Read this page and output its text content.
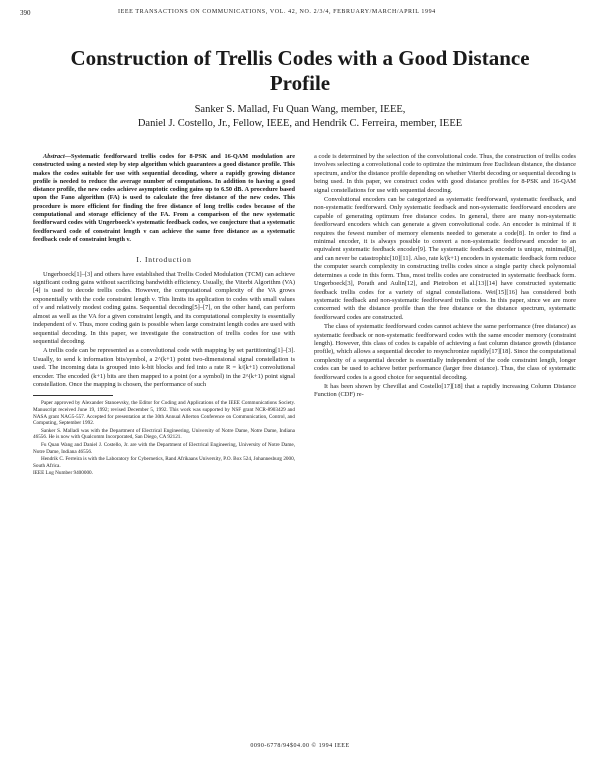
390	IEEE TRANSACTIONS ON COMMUNICATIONS, VOL. 42, NO. 2/3/4, FEBRUARY/MARCH/APRIL 1994
Construction of Trellis Codes with a Good Distance Profile
Sanker S. Mallad, Fu Quan Wang, member, IEEE,
Daniel J. Costello, Jr., Fellow, IEEE, and Hendrik C. Ferreira, member, IEEE

Abstract—Systematic feedforward trellis codes for 8-PSK and 16-QAM modulation are constructed using a nested step by step algorithm which guarantees a good distance profile. This makes the codes suitable for use with sequential decoding, where a rapidly growing distance profile is needed to reduce the average number of computations. In addition to having a good distance profile, the new codes achieve asymptotic coding gains up to 6.50 dB. A procedure based upon the Fano algorithm (FA) is used to calculate the free distance of the new codes. This procedure is more efficient for finding the free distance of long trellis codes because of the computational and storage efficiency of the FA. From a comparison of the new systematic feedforward codes with Ungerboeck's systematic feedback codes, we conjecture that a systematic feedforward code of constraint length ν can achieve the same free distance as a systematic feedback code of constraint length ν.

I. Introduction

Ungerboeck[1]–[3] and others have established that Trellis Coded Modulation (TCM) can achieve significant coding gains without sacrificing bandwidth efficiency. Usually, the Viterbi Algorithm (VA)[4] is used to decode trellis codes. However, the computational complexity of the VA grows exponentially with the code constraint length ν. This limits its application to codes with small values of ν and relatively modest coding gains. Sequential decoding[5]–[7], on the other hand, can perform almost as well as the VA for a given constraint length, and its computational complexity is essentially independent of ν. Thus, more coding gain is possible when large constraint length codes are used with sequential decoding. In this paper, we investigate the construction of trellis codes for use with sequential decoding.

A trellis code can be represented as a convolutional code with mapping by set partitioning[1]–[3]. Usually, to send k information bits/symbol, a 2^(k+1) point two-dimensional signal constellation is used. The incoming data is grouped into k-bit blocks and fed into a rate R = k/(k+1) convolutional encoder. The encoded (k+1) bits are then mapped to a point (or a symbol) in the 2^(k+1) point signal constellation. Once the mapping is chosen, the performance of such

Paper approved by Alexander Stanoevsky, the Editor for Coding and Applications of the IEEE Communications Society. Manuscript received June 19, 1992; revised December 5, 1992. This work was supported by NSF grant NCR-8903429 and NASA grant NAG5-557. Accepted for presentation at the 30th Annual Allerton Conference on Communication, Control, and Computing, September 1992.

Sanker S. Malladi was with the Department of Electrical Engineering, University of Notre Dame, Notre Dame, Indiana 46556. He is now with Qualcomm Incorporated, San Diego, CA 92121.

Fu Quan Wang and Daniel J. Costello, Jr. are with the Department of Electrical Engineering, University of Notre Dame, Notre Dame, Indiana 46556.

Hendrik C. Ferreira is with the Laboratory for Cybernetics, Rand Afrikaans University, P.O. Box 524, Johannesburg 2000, South Africa.

IEEE Log Number 9400000.

a code is determined by the selection of the convolutional code. Thus, the construction of trellis codes involves selecting a convolutional code to optimize the minimum free Euclidean distance, the distance spectrum, and/or the distance profile depending on whether Viterbi decoding or sequential decoding is being used. In this paper, we construct codes with good distance profiles for 8-PSK and 16-QAM signal constellations for use with sequential decoding.

Convolutional encoders can be categorized as systematic feedforward, systematic feedback, and non-systematic feedforward. Only systematic feedback and non-systematic feedforward encoders are capable of generating optimum free distance codes. In general, there are many non-systematic feedforward encoders which can generate a given convolutional code. An encoder is minimal if it requires the fewest number of memory elements needed to generate a code[8]. In order to find a minimal encoder, it is always possible to convert a non-systematic feedforward encoder to an equivalent systematic feedback encoder[9]. The systematic feedback encoder is unique, minimal[8], and can never be catastrophic[10][11]. Also, rate k/(k+1) encoders in systematic feedback form reduce the computer search complexity in constructing trellis codes since a single parity check polynomial determines a code in this form. Thus, most trellis codes are constructed in systematic feedback form. Ungerboeck[3], Porath and Aulin[12], and Pietrobon et al.[13][14] have constructed systematic feedback trellis codes for a variety of signal constellations. Wei[15][16] has considered both systematic feedback and non-systematic feedforward trellis codes. In this paper, since we are more concerned with the distance profile than the free distance or the distance spectrum, systematic feedforward codes are constructed.

The class of systematic feedforward codes cannot achieve the same performance (free distance) as systematic feedback or non-systematic feedforward codes with the same encoder memory (constraint length). However, this class of codes is capable of achieving a fast column distance growth (distance profile), which allows a sequential decoder to resynchronize rapidly[17][18]. Since the computational complexity of a sequential decoder is essentially independent of the code constraint length, longer codes can be used to achieve better performance (larger free distance). Thus, the class of systematic feedforward codes is a good choice for sequential decoding.

It has been shown by Chevillat and Costello[17][18] that a rapidly increasing Column Distance Function (CDF) re-

0090-6778/94$04.00 © 1994 IEEE
